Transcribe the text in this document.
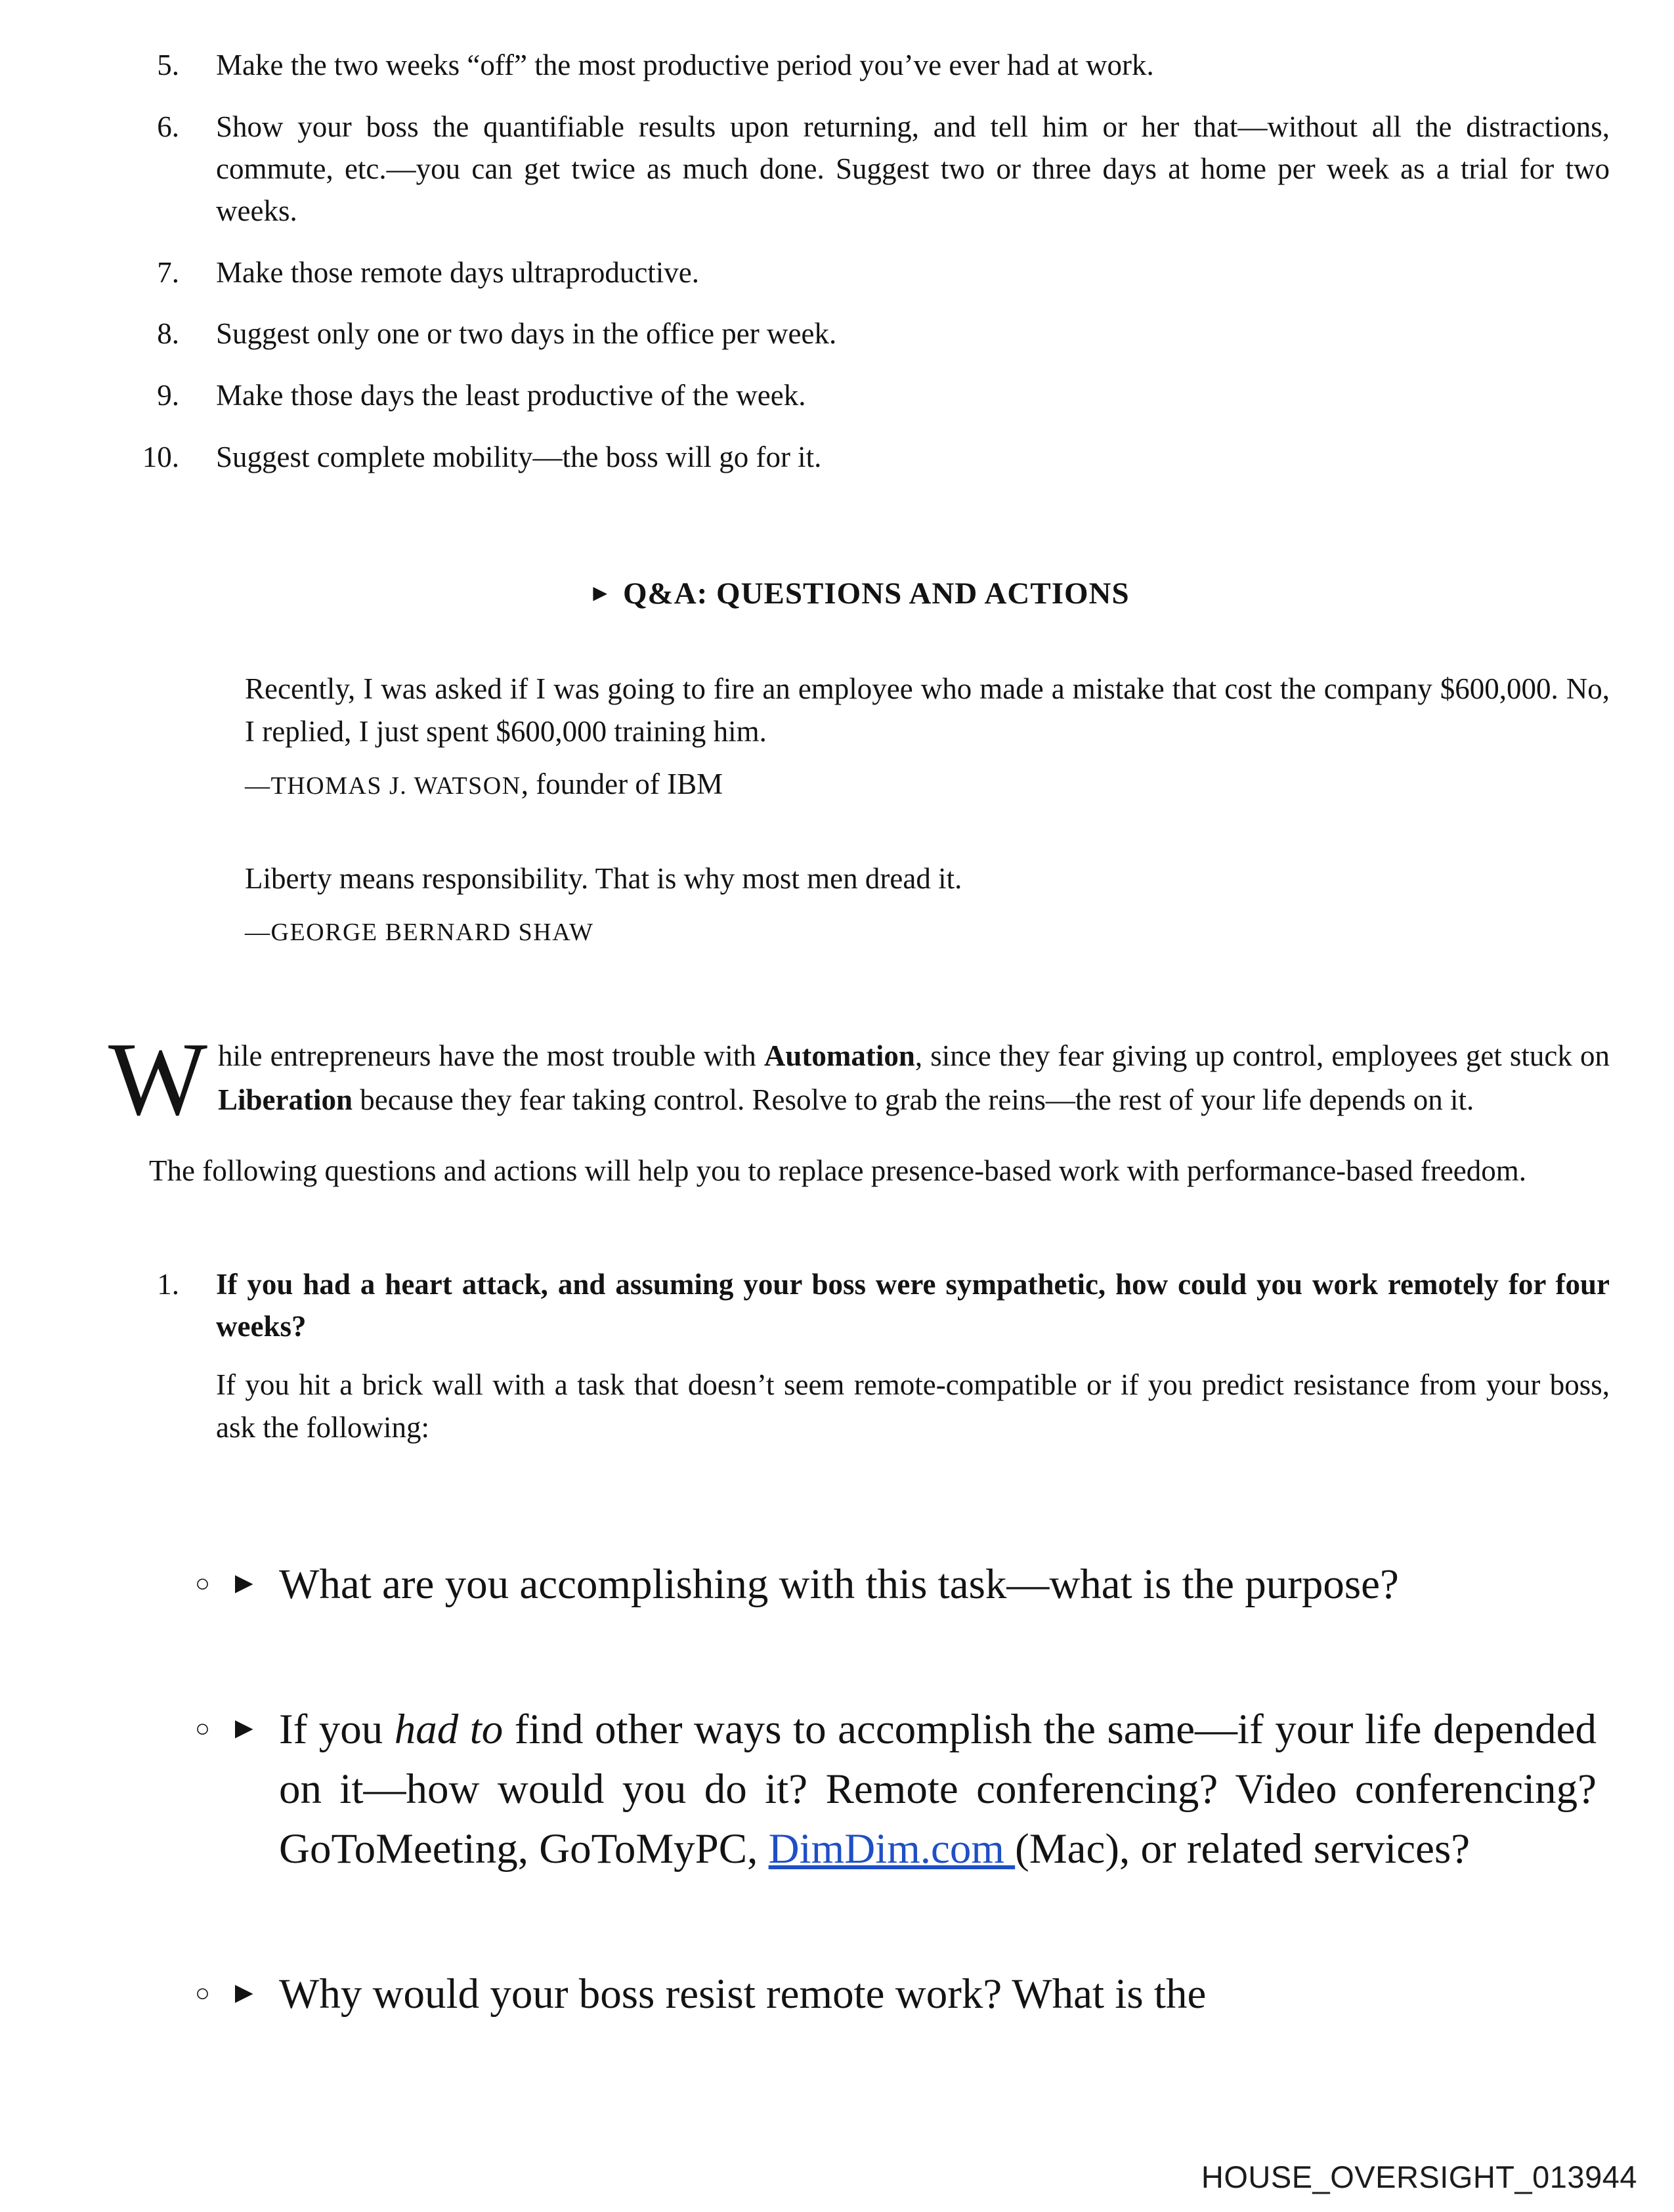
5. Make the two weeks “off” the most productive period you’ve ever had at work.
6. Show your boss the quantifiable results upon returning, and tell him or her that—without all the distractions, commute, etc.—you can get twice as much done. Suggest two or three days at home per week as a trial for two weeks.
7. Make those remote days ultraproductive.
8. Suggest only one or two days in the office per week.
9. Make those days the least productive of the week.
10. Suggest complete mobility—the boss will go for it.
► Q&A: QUESTIONS AND ACTIONS

Recently, I was asked if I was going to fire an employee who made a mistake that cost the company $600,000. No, I replied, I just spent $600,000 training him.

—THOMAS J. WATSON, founder of IBM

Liberty means responsibility. That is why most men dread it.

—GEORGE BERNARD SHAW

While entrepreneurs have the most trouble with Automation, since they fear giving up control, employees get stuck on Liberation because they fear taking control. Resolve to grab the reins—the rest of your life depends on it.

The following questions and actions will help you to replace presence-based work with performance-based freedom.

1. If you had a heart attack, and assuming your boss were sympathetic, how could you work remotely for four weeks?

If you hit a brick wall with a task that doesn’t seem remote-compatible or if you predict resistance from your boss, ask the following:

○ ► What are you accomplishing with this task—what is the purpose?

○ ► If you had to find other ways to accomplish the same—if your life depended on it—how would you do it? Remote conferencing? Video conferencing? GoToMeeting, GoToMyPC, DimDim.com (Mac), or related services?

○ ► Why would your boss resist remote work? What is the

HOUSE_OVERSIGHT_013944
